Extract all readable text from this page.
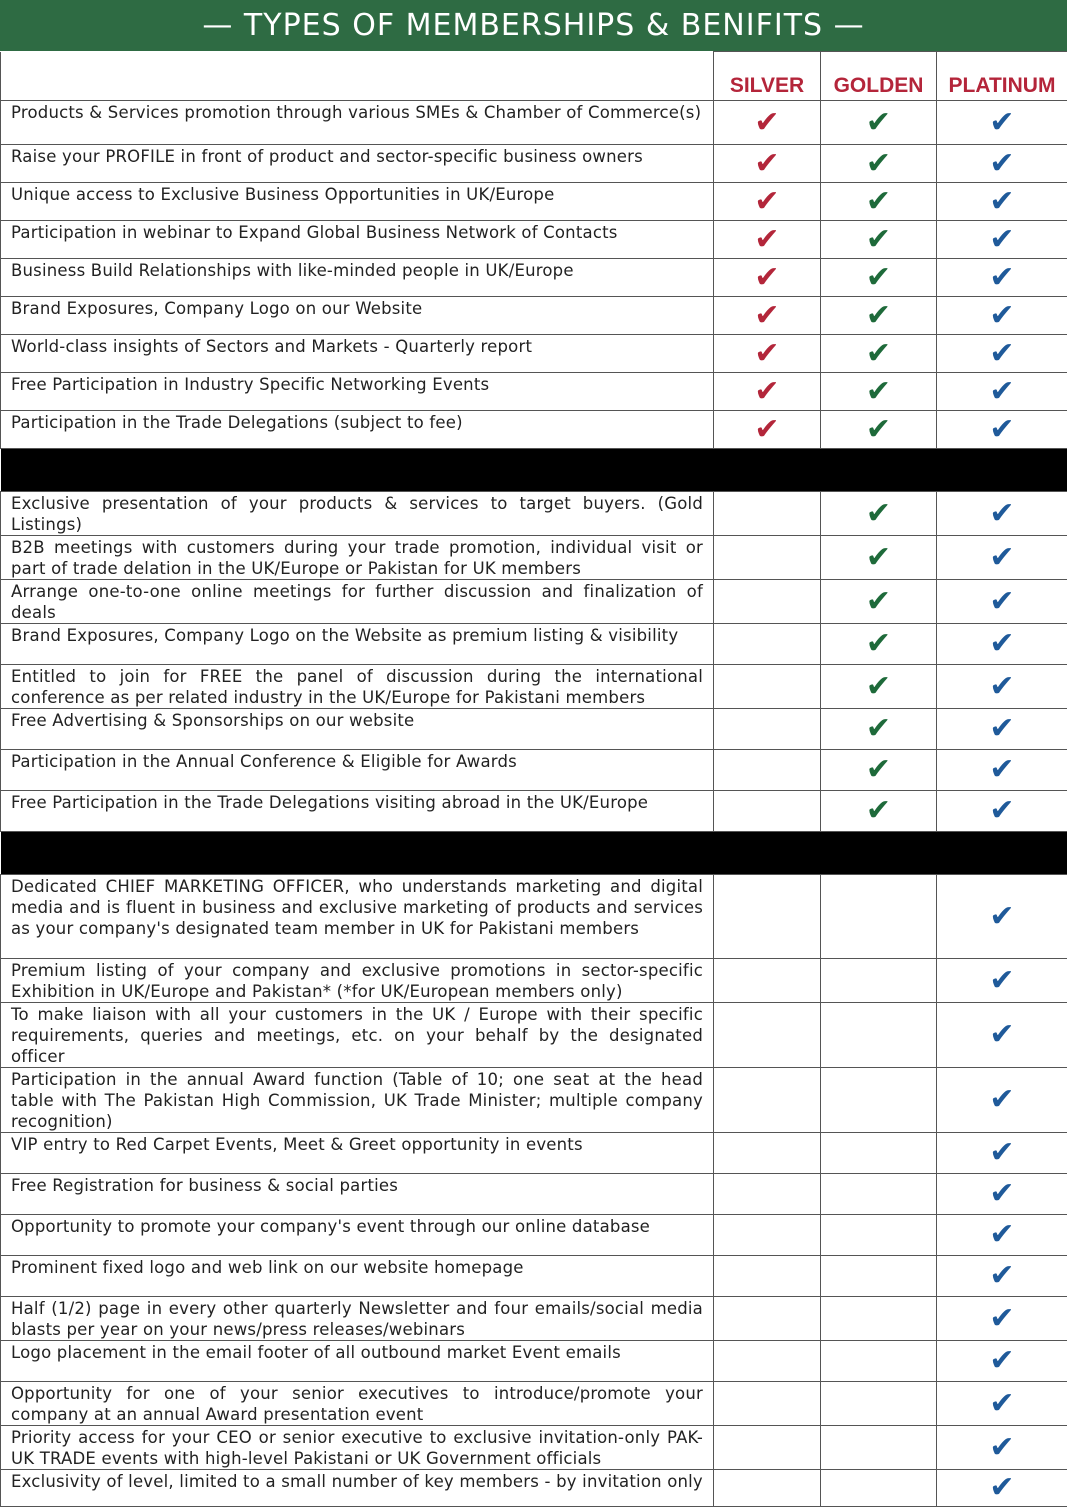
— TYPES OF MEMBERSHIPS & BENIFITS —
	SILVER	GOLDEN	PLATINUM

Products & Services promotion through various SMEs & Chamber of Commerce(s)	✔	✔	✔

Raise your PROFILE in front of product and sector-specific business owners	✔	✔	✔

Unique access to Exclusive Business Opportunities in UK/Europe	✔	✔	✔

Participation in webinar to Expand Global Business Network of Contacts	✔	✔	✔

Business Build Relationships with like-minded people in UK/Europe	✔	✔	✔

Brand Exposures, Company Logo on our Website	✔	✔	✔

World-class insights of Sectors and Markets - Quarterly report	✔	✔	✔

Free Participation in Industry Specific Networking Events	✔	✔	✔

Participation in the Trade Delegations (subject to fee)	✔	✔	✔

Exclusive presentation of your products & services to target buyers. (Gold Listings)		✔	✔

B2B meetings with customers during your trade promotion, individual visit or part of trade delation in the UK/Europe or Pakistan for UK members		✔	✔

Arrange one-to-one online meetings for further discussion and finalization of deals		✔	✔

Brand Exposures, Company Logo on the Website as premium listing & visibility		✔	✔

Entitled to join for FREE the panel of discussion during the international conference as per related industry in the UK/Europe for Pakistani members		✔	✔

Free Advertising & Sponsorships on our website		✔	✔

Participation in the Annual Conference & Eligible for Awards		✔	✔

Free Participation in the Trade Delegations visiting abroad in the UK/Europe		✔	✔

Dedicated CHIEF MARKETING OFFICER, who understands marketing and digital media and is fluent in business and exclusive marketing of products and services as your company's designated team member in UK for Pakistani members			✔

Premium listing of your company and exclusive promotions in sector-specific Exhibition in UK/Europe and Pakistan* (*for UK/European members only)			✔

To make liaison with all your customers in the UK / Europe with their specific requirements, queries and meetings, etc. on your behalf by the designated officer			✔

Participation in the annual Award function (Table of 10; one seat at the head table with The Pakistan High Commission, UK Trade Minister; multiple company recognition)			✔

VIP entry to Red Carpet Events, Meet & Greet opportunity in events			✔

Free Registration for business & social parties			✔

Opportunity to promote your company's event through our online database			✔

Prominent fixed logo and web link on our website homepage			✔

Half (1/2) page in every other quarterly Newsletter and four emails/social media blasts per year on your news/press releases/webinars			✔

Logo placement in the email footer of all outbound market Event emails			✔

Opportunity for one of your senior executives to introduce/promote your company at an annual Award presentation event			✔

Priority access for your CEO or senior executive to exclusive invitation-only PAK-UK TRADE events with high-level Pakistani or UK Government officials			✔

Exclusivity of level, limited to a small number of key members - by invitation only			✔
